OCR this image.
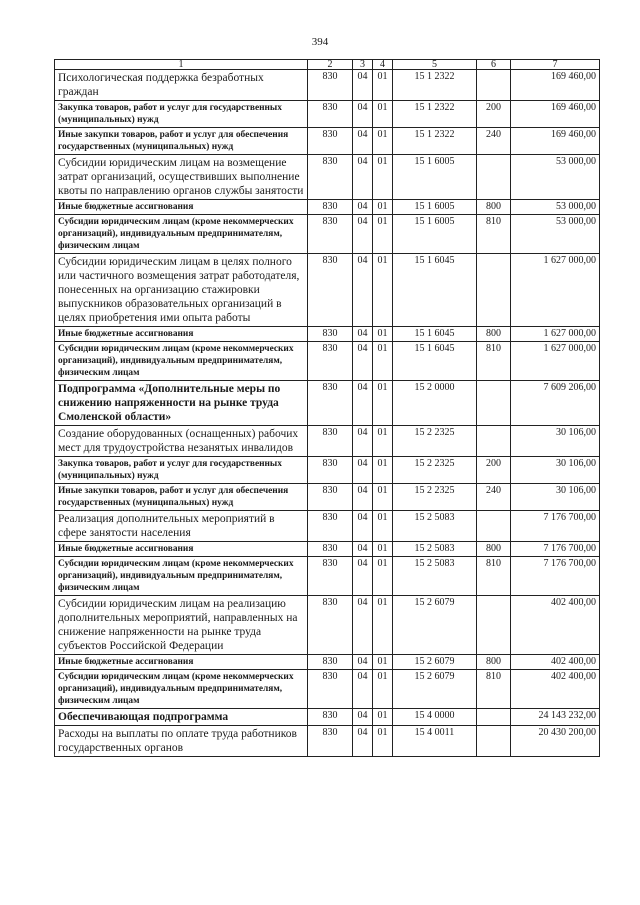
394
1	2	3	4	5	6	7
Психологическая поддержка безработных граждан	830	04	01	15 1 2322		169 460,00
Закупка товаров, работ и услуг для государственных (муниципальных) нужд	830	04	01	15 1 2322	200	169 460,00
Иные закупки товаров, работ и услуг для обеспечения государственных (муниципальных) нужд	830	04	01	15 1 2322	240	169 460,00
Субсидии юридическим лицам на возмещение затрат организаций, осуществивших выполнение квоты по направлению органов службы занятости	830	04	01	15 1 6005		53 000,00
Иные бюджетные ассигнования	830	04	01	15 1 6005	800	53 000,00
Субсидии юридическим лицам (кроме некоммерческих организаций), индивидуальным предпринимателям, физическим лицам	830	04	01	15 1 6005	810	53 000,00
Субсидии юридическим лицам в целях полного или частичного возмещения затрат работодателя, понесенных на организацию стажировки выпускников образовательных организаций в целях приобретения ими опыта работы	830	04	01	15 1 6045		1 627 000,00
Иные бюджетные ассигнования	830	04	01	15 1 6045	800	1 627 000,00
Субсидии юридическим лицам (кроме некоммерческих организаций), индивидуальным предпринимателям, физическим лицам	830	04	01	15 1 6045	810	1 627 000,00
Подпрограмма «Дополнительные меры по снижению напряженности на рынке труда Смоленской области»	830	04	01	15 2 0000		7 609 206,00
Создание оборудованных (оснащенных) рабочих мест для трудоустройства незанятых инвалидов	830	04	01	15 2 2325		30 106,00
Закупка товаров, работ и услуг для государственных (муниципальных) нужд	830	04	01	15 2 2325	200	30 106,00
Иные закупки товаров, работ и услуг для обеспечения государственных (муниципальных) нужд	830	04	01	15 2 2325	240	30 106,00
Реализация дополнительных мероприятий в сфере занятости населения	830	04	01	15 2 5083		7 176 700,00
Иные бюджетные ассигнования	830	04	01	15 2 5083	800	7 176 700,00
Субсидии юридическим лицам (кроме некоммерческих организаций), индивидуальным предпринимателям, физическим лицам	830	04	01	15 2 5083	810	7 176 700,00
Субсидии юридическим лицам на реализацию дополнительных мероприятий, направленных на снижение напряженности на рынке труда субъектов Российской Федерации	830	04	01	15 2 6079		402 400,00
Иные бюджетные ассигнования	830	04	01	15 2 6079	800	402 400,00
Субсидии юридическим лицам (кроме некоммерческих организаций), индивидуальным предпринимателям, физическим лицам	830	04	01	15 2 6079	810	402 400,00
Обеспечивающая подпрограмма	830	04	01	15 4 0000		24 143 232,00
Расходы на выплаты по оплате труда работников государственных органов	830	04	01	15 4 0011		20 430 200,00
